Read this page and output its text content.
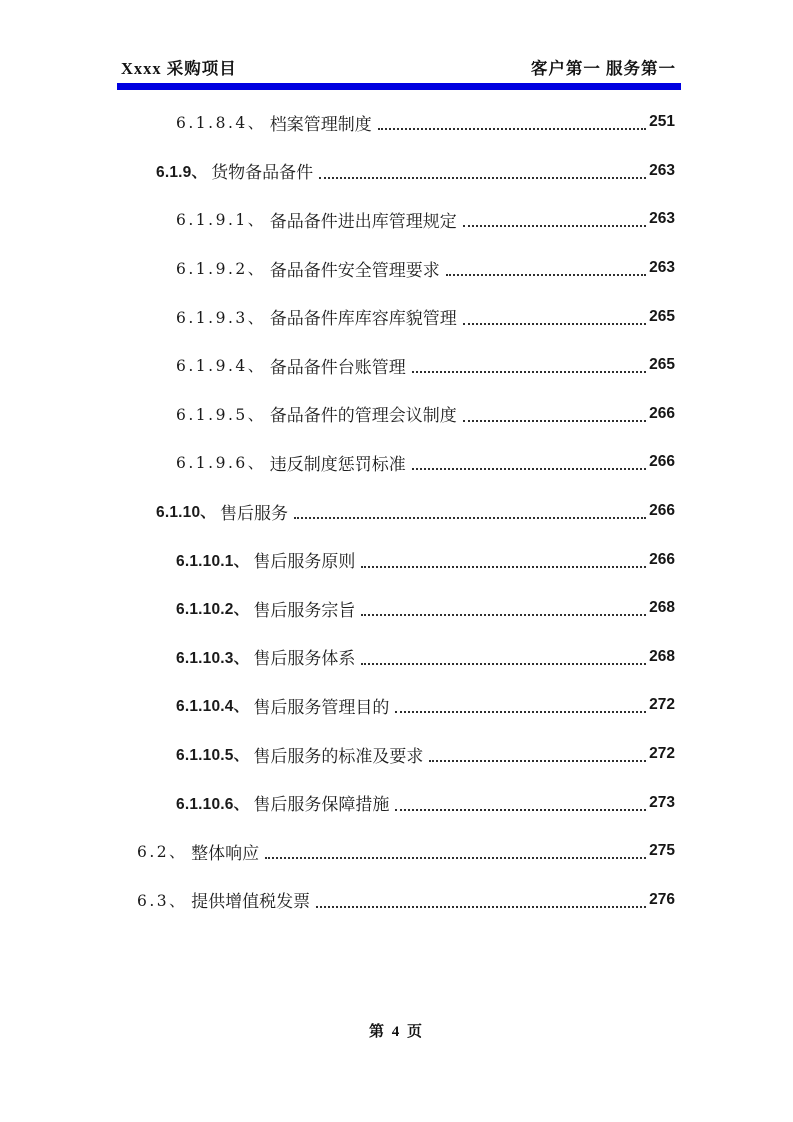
Xxxx 采购项目	客户第一 服务第一
6.1.8.4、 档案管理制度	251
6.1.9、 货物备品备件	263
6.1.9.1、 备品备件进出库管理规定	263
6.1.9.2、 备品备件安全管理要求	263
6.1.9.3、 备品备件库库容库貌管理	265
6.1.9.4、 备品备件台账管理	265
6.1.9.5、 备品备件的管理会议制度	266
6.1.9.6、 违反制度惩罚标准	266
6.1.10、 售后服务	266
6.1.10.1、 售后服务原则	266
6.1.10.2、 售后服务宗旨	268
6.1.10.3、 售后服务体系	268
6.1.10.4、 售后服务管理目的	272
6.1.10.5、 售后服务的标准及要求	272
6.1.10.6、 售后服务保障措施	273
6.2、 整体响应	275
6.3、 提供增值税发票	276
第 4 页
